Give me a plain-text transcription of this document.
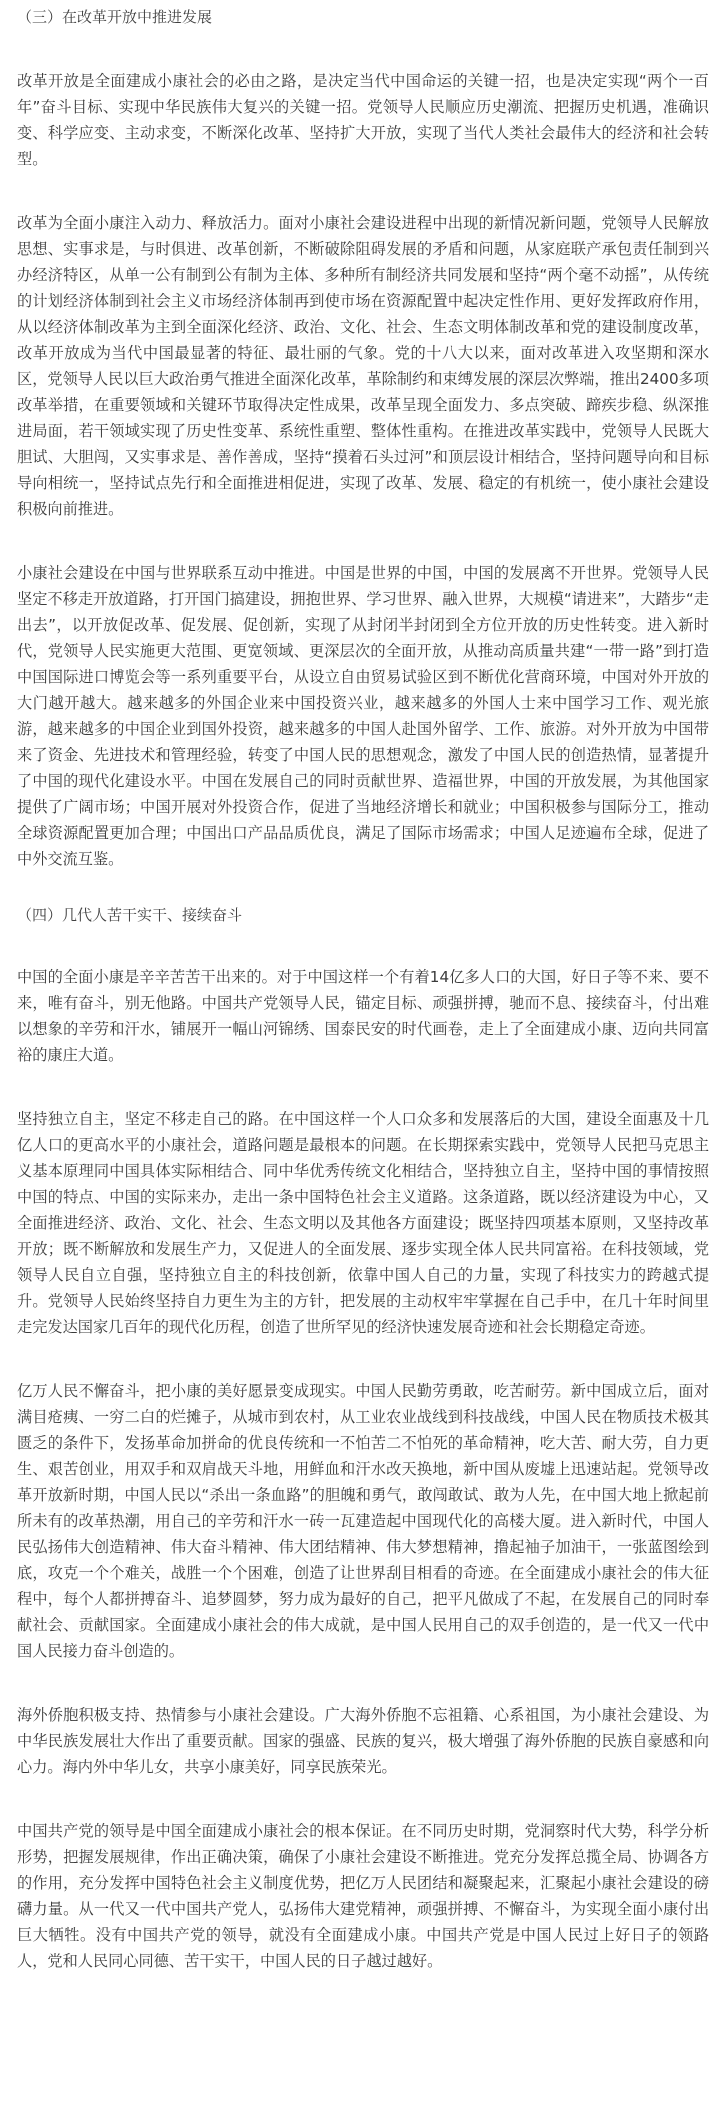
（三）在改革开放中推进发展

改革开放是全面建成小康社会的必由之路，是决定当代中国命运的关键一招，也是决定实现“两个一百年”奋斗目标、实现中华民族伟大复兴的关键一招。党领导人民顺应历史潮流、把握历史机遇，准确识变、科学应变、主动求变，不断深化改革、坚持扩大开放，实现了当代人类社会最伟大的经济和社会转型。

改革为全面小康注入动力、释放活力。面对小康社会建设进程中出现的新情况新问题，党领导人民解放思想、实事求是，与时俱进、改革创新，不断破除阻碍发展的矛盾和问题，从家庭联产承包责任制到兴办经济特区，从单一公有制到公有制为主体、多种所有制经济共同发展和坚持“两个毫不动摇”，从传统的计划经济体制到社会主义市场经济体制再到使市场在资源配置中起决定性作用、更好发挥政府作用，从以经济体制改革为主到全面深化经济、政治、文化、社会、生态文明体制改革和党的建设制度改革，改革开放成为当代中国最显著的特征、最壮丽的气象。党的十八大以来，面对改革进入攻坚期和深水区，党领导人民以巨大政治勇气推进全面深化改革，革除制约和束缚发展的深层次弊端，推出2400多项改革举措，在重要领域和关键环节取得决定性成果，改革呈现全面发力、多点突破、蹄疾步稳、纵深推进局面，若干领域实现了历史性变革、系统性重塑、整体性重构。在推进改革实践中，党领导人民既大胆试、大胆闯，又实事求是、善作善成，坚持“摸着石头过河”和顶层设计相结合，坚持问题导向和目标导向相统一，坚持试点先行和全面推进相促进，实现了改革、发展、稳定的有机统一，使小康社会建设积极向前推进。

小康社会建设在中国与世界联系互动中推进。中国是世界的中国，中国的发展离不开世界。党领导人民坚定不移走开放道路，打开国门搞建设，拥抱世界、学习世界、融入世界，大规模“请进来”，大踏步“走出去”，以开放促改革、促发展、促创新，实现了从封闭半封闭到全方位开放的历史性转变。进入新时代，党领导人民实施更大范围、更宽领域、更深层次的全面开放，从推动高质量共建“一带一路”到打造中国国际进口博览会等一系列重要平台，从设立自由贸易试验区到不断优化营商环境，中国对外开放的大门越开越大。越来越多的外国企业来中国投资兴业，越来越多的外国人士来中国学习工作、观光旅游，越来越多的中国企业到国外投资，越来越多的中国人赴国外留学、工作、旅游。对外开放为中国带来了资金、先进技术和管理经验，转变了中国人民的思想观念，激发了中国人民的创造热情，显著提升了中国的现代化建设水平。中国在发展自己的同时贡献世界、造福世界，中国的开放发展，为其他国家提供了广阔市场；中国开展对外投资合作，促进了当地经济增长和就业；中国积极参与国际分工，推动全球资源配置更加合理；中国出口产品品质优良，满足了国际市场需求；中国人足迹遍布全球，促进了中外交流互鉴。

（四）几代人苦干实干、接续奋斗

中国的全面小康是辛辛苦苦干出来的。对于中国这样一个有着14亿多人口的大国，好日子等不来、要不来，唯有奋斗，别无他路。中国共产党领导人民，锚定目标、顽强拼搏，驰而不息、接续奋斗，付出难以想象的辛劳和汗水，铺展开一幅山河锦绣、国泰民安的时代画卷，走上了全面建成小康、迈向共同富裕的康庄大道。

坚持独立自主，坚定不移走自己的路。在中国这样一个人口众多和发展落后的大国，建设全面惠及十几亿人口的更高水平的小康社会，道路问题是最根本的问题。在长期探索实践中，党领导人民把马克思主义基本原理同中国具体实际相结合、同中华优秀传统文化相结合，坚持独立自主，坚持中国的事情按照中国的特点、中国的实际来办，走出一条中国特色社会主义道路。这条道路，既以经济建设为中心，又全面推进经济、政治、文化、社会、生态文明以及其他各方面建设；既坚持四项基本原则，又坚持改革开放；既不断解放和发展生产力，又促进人的全面发展、逐步实现全体人民共同富裕。在科技领域，党领导人民自立自强，坚持独立自主的科技创新，依靠中国人自己的力量，实现了科技实力的跨越式提升。党领导人民始终坚持自力更生为主的方针，把发展的主动权牢牢掌握在自己手中，在几十年时间里走完发达国家几百年的现代化历程，创造了世所罕见的经济快速发展奇迹和社会长期稳定奇迹。

亿万人民不懈奋斗，把小康的美好愿景变成现实。中国人民勤劳勇敢，吃苦耐劳。新中国成立后，面对满目疮痍、一穷二白的烂摊子，从城市到农村，从工业农业战线到科技战线，中国人民在物质技术极其匮乏的条件下，发扬革命加拼命的优良传统和一不怕苦二不怕死的革命精神，吃大苦、耐大劳，自力更生、艰苦创业，用双手和双肩战天斗地，用鲜血和汗水改天换地，新中国从废墟上迅速站起。党领导改革开放新时期，中国人民以“杀出一条血路”的胆魄和勇气，敢闯敢试、敢为人先，在中国大地上掀起前所未有的改革热潮，用自己的辛劳和汗水一砖一瓦建造起中国现代化的高楼大厦。进入新时代，中国人民弘扬伟大创造精神、伟大奋斗精神、伟大团结精神、伟大梦想精神，撸起袖子加油干，一张蓝图绘到底，攻克一个个难关，战胜一个个困难，创造了让世界刮目相看的奇迹。在全面建成小康社会的伟大征程中，每个人都拼搏奋斗、追梦圆梦，努力成为最好的自己，把平凡做成了不起，在发展自己的同时奉献社会、贡献国家。全面建成小康社会的伟大成就，是中国人民用自己的双手创造的，是一代又一代中国人民接力奋斗创造的。

海外侨胞积极支持、热情参与小康社会建设。广大海外侨胞不忘祖籍、心系祖国，为小康社会建设、为中华民族发展壮大作出了重要贡献。国家的强盛、民族的复兴，极大增强了海外侨胞的民族自豪感和向心力。海内外中华儿女，共享小康美好，同享民族荣光。

中国共产党的领导是中国全面建成小康社会的根本保证。在不同历史时期，党洞察时代大势，科学分析形势，把握发展规律，作出正确决策，确保了小康社会建设不断推进。党充分发挥总揽全局、协调各方的作用，充分发挥中国特色社会主义制度优势，把亿万人民团结和凝聚起来，汇聚起小康社会建设的磅礴力量。从一代又一代中国共产党人，弘扬伟大建党精神，顽强拼搏、不懈奋斗，为实现全面小康付出巨大牺牲。没有中国共产党的领导，就没有全面建成小康。中国共产党是中国人民过上好日子的领路人，党和人民同心同德、苦干实干，中国人民的日子越过越好。
